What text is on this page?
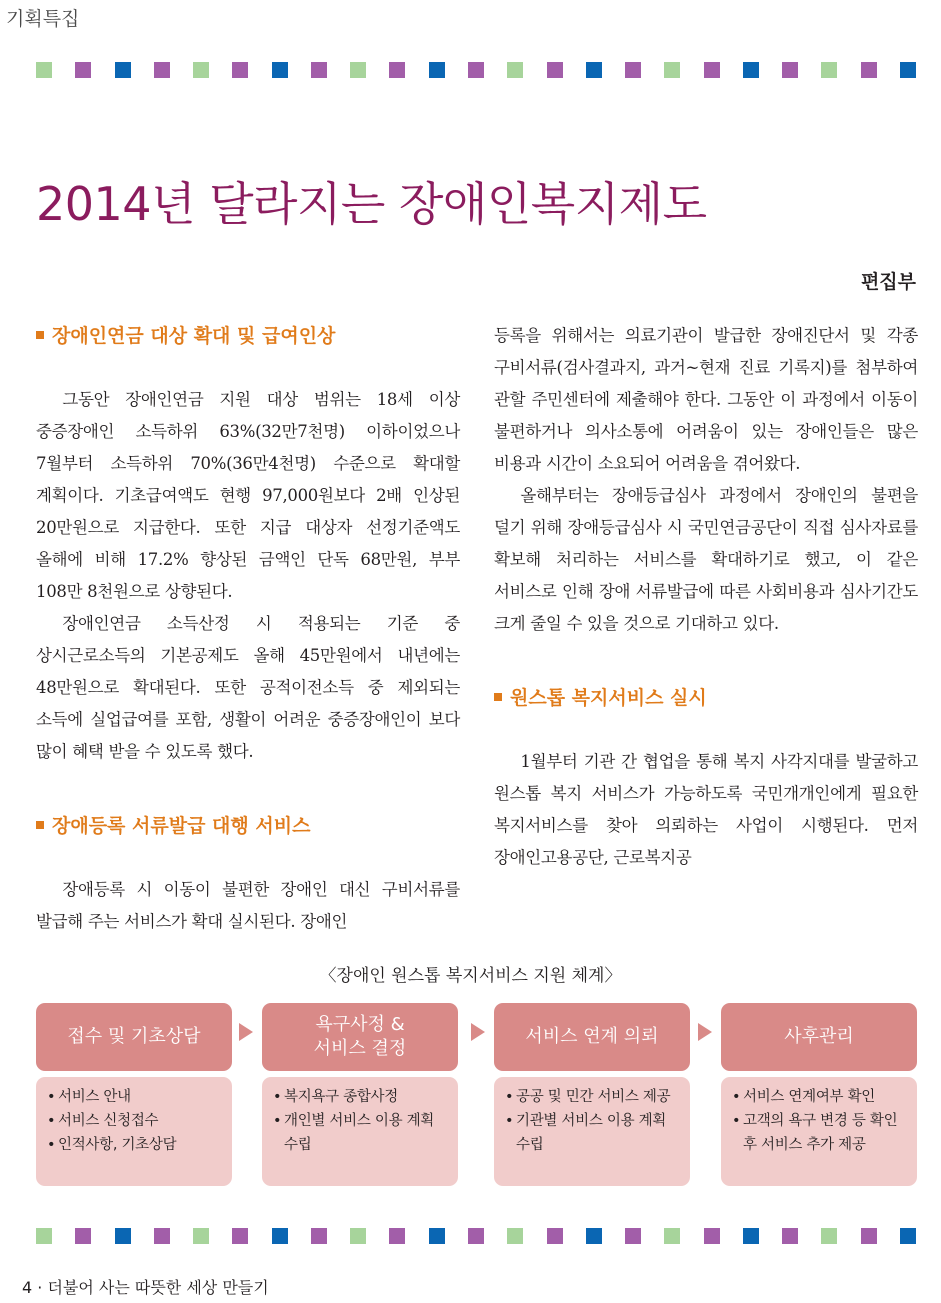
기획특집
2014년 달라지는 장애인복지제도
편집부
장애인연금 대상 확대 및 급여인상

그동안 장애인연금 지원 대상 범위는 18세 이상 중증장애인 소득하위 63%(32만7천명) 이하이었으나 7월부터 소득하위 70%(36만4천명) 수준으로 확대할 계획이다. 기초급여액도 현행 97,000원보다 2배 인상된 20만원으로 지급한다. 또한 지급 대상자 선정기준액도 올해에 비해 17.2% 향상된 금액인 단독 68만원, 부부 108만 8천원으로 상향된다.

장애인연금 소득산정 시 적용되는 기준 중 상시근로소득의 기본공제도 올해 45만원에서 내년에는 48만원으로 확대된다. 또한 공적이전소득 중 제외되는 소득에 실업급여를 포함, 생활이 어려운 중증장애인이 보다 많이 혜택 받을 수 있도록 했다.

장애등록 서류발급 대행 서비스

장애등록 시 이동이 불편한 장애인 대신 구비서류를 발급해 주는 서비스가 확대 실시된다. 장애인

등록을 위해서는 의료기관이 발급한 장애진단서 및 각종 구비서류(검사결과지, 과거~현재 진료 기록지)를 첨부하여 관할 주민센터에 제출해야 한다. 그동안 이 과정에서 이동이 불편하거나 의사소통에 어려움이 있는 장애인들은 많은 비용과 시간이 소요되어 어려움을 겪어왔다.

올해부터는 장애등급심사 과정에서 장애인의 불편을 덜기 위해 장애등급심사 시 국민연금공단이 직접 심사자료를 확보해 처리하는 서비스를 확대하기로 했고, 이 같은 서비스로 인해 장애 서류발급에 따른 사회비용과 심사기간도 크게 줄일 수 있을 것으로 기대하고 있다.

원스톱 복지서비스 실시

1월부터 기관 간 협업을 통해 복지 사각지대를 발굴하고 원스톱 복지 서비스가 가능하도록 국민개개인에게 필요한 복지서비스를 찾아 의뢰하는 사업이 시행된다. 먼저 장애인고용공단, 근로복지공

〈장애인 원스톱 복지서비스 지원 체계〉
접수 및 기초상담
욕구사정 &
서비스 결정
서비스 연계 의뢰	사후관리
• 서비스 안내
• 서비스 신청접수
• 인적사항, 기초상담
• 복지욕구 종합사정
• 개인별 서비스 이용 계획 수립
• 공공 및 민간 서비스 제공
• 기관별 서비스 이용 계획 수립
• 서비스 연계여부 확인
• 고객의 욕구 변경 등 확인 후 서비스 추가 제공
4 · 더불어 사는 따뜻한 세상 만들기
